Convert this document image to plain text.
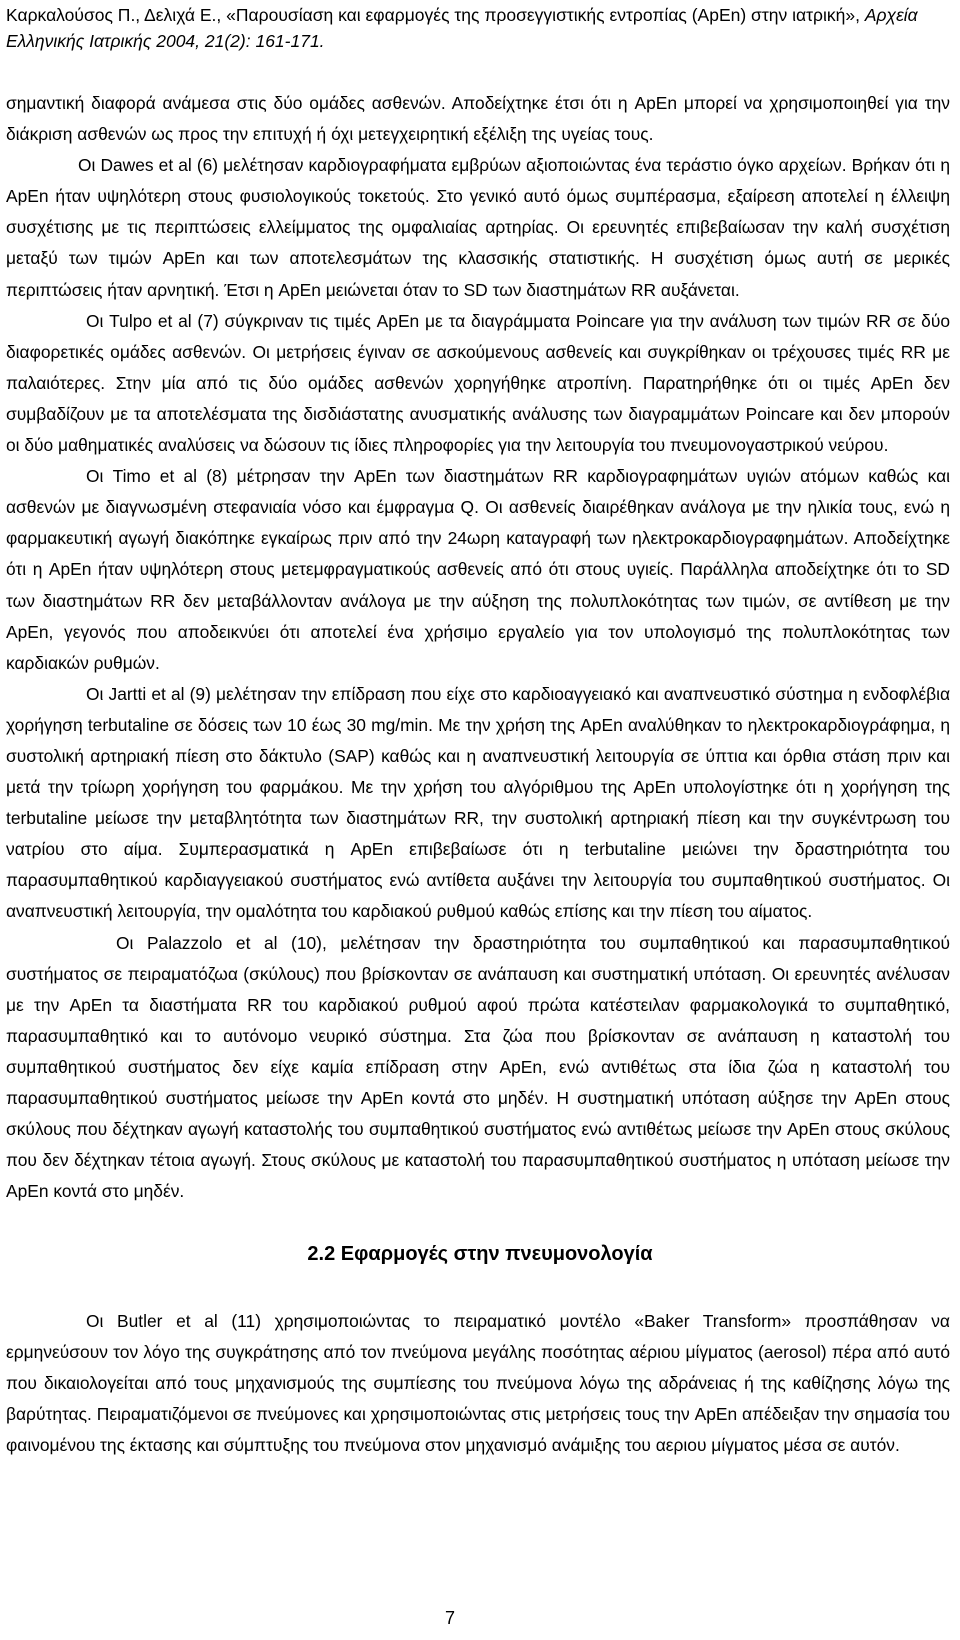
Καρκαλούσος Π., Δελιχά Ε., «Παρουσίαση και εφαρμογές της προσεγγιστικής εντροπίας (ApEn) στην ιατρική», Αρχεία Ελληνικής Ιατρικής 2004, 21(2): 161-171.

σημαντική διαφορά ανάμεσα στις δύο ομάδες ασθενών. Αποδείχτηκε έτσι ότι η ApEn μπορεί να χρησιμοποιηθεί για την διάκριση ασθενών ως προς την επιτυχή ή όχι μετεγχειρητική εξέλιξη της υγείας τους.

Οι Dawes et al (6) μελέτησαν καρδιογραφήματα εμβρύων αξιοποιώντας ένα τεράστιο όγκο αρχείων. Βρήκαν ότι η ApEn ήταν υψηλότερη στους φυσιολογικούς τοκετούς. Στο γενικό αυτό όμως συμπέρασμα, εξαίρεση αποτελεί η έλλειψη συσχέτισης με τις περιπτώσεις ελλείμματος της ομφαλιαίας αρτηρίας. Οι ερευνητές επιβεβαίωσαν την καλή συσχέτιση μεταξύ των τιμών ApEn και των αποτελεσμάτων της κλασσικής στατιστικής. Η συσχέτιση όμως αυτή σε μερικές περιπτώσεις ήταν αρνητική. Έτσι η ApEn μειώνεται όταν το SD των διαστημάτων RR αυξάνεται.

Οι Tulpo et al (7) σύγκριναν τις τιμές ApEn με τα διαγράμματα Poincare για την ανάλυση των τιμών RR σε δύο διαφορετικές ομάδες ασθενών. Οι μετρήσεις έγιναν σε ασκούμενους ασθενείς και συγκρίθηκαν οι τρέχουσες τιμές RR με παλαιότερες. Στην μία από τις δύο ομάδες ασθενών χορηγήθηκε ατροπίνη. Παρατηρήθηκε ότι οι τιμές ApEn δεν συμβαδίζουν με τα αποτελέσματα της δισδιάστατης ανυσματικής ανάλυσης των διαγραμμάτων Poincare και δεν μπορούν οι δύο μαθηματικές αναλύσεις να δώσουν τις ίδιες πληροφορίες για την λειτουργία του πνευμονογαστρικού νεύρου.

Οι Timo et al (8) μέτρησαν την ApEn των διαστημάτων RR καρδιογραφημάτων υγιών ατόμων καθώς και ασθενών με διαγνωσμένη στεφανιαία νόσο και έμφραγμα Q. Οι ασθενείς διαιρέθηκαν ανάλογα με την ηλικία τους, ενώ η φαρμακευτική αγωγή διακόπηκε εγκαίρως πριν από την 24ωρη καταγραφή των ηλεκτροκαρδιογραφημάτων. Αποδείχτηκε ότι η ApEn ήταν υψηλότερη στους μετεμφραγματικούς ασθενείς από ότι στους υγιείς. Παράλληλα αποδείχτηκε ότι το SD των διαστημάτων RR δεν μεταβάλλονταν ανάλογα με την αύξηση της πολυπλοκότητας των τιμών, σε αντίθεση με την ApEn, γεγονός που αποδεικνύει ότι αποτελεί ένα χρήσιμο εργαλείο για τον υπολογισμό της πολυπλοκότητας των καρδιακών ρυθμών.

Οι Jartti et al (9) μελέτησαν την επίδραση που είχε στο καρδιοαγγειακό και αναπνευστικό σύστημα η ενδοφλέβια χορήγηση terbutaline σε δόσεις των 10 έως 30 mg/min. Με την χρήση της ApEn αναλύθηκαν το ηλεκτροκαρδιογράφημα, η συστολική αρτηριακή πίεση στο δάκτυλο (SAP) καθώς και η αναπνευστική λειτουργία σε ύπτια και όρθια στάση πριν και μετά την τρίωρη χορήγηση του φαρμάκου. Με την χρήση του αλγόριθμου της ApEn υπολογίστηκε ότι η χορήγηση της terbutaline μείωσε την μεταβλητότητα των διαστημάτων RR, την συστολική αρτηριακή πίεση και την συγκέντρωση του νατρίου στο αίμα. Συμπερασματικά η ApEn επιβεβαίωσε ότι η terbutaline μειώνει την δραστηριότητα του παρασυμπαθητικού καρδιαγγειακού συστήματος ενώ αντίθετα αυξάνει την λειτουργία του συμπαθητικού συστήματος. Οι αναπνευστική λειτουργία, την ομαλότητα του καρδιακού ρυθμού καθώς επίσης και την πίεση του αίματος.

Οι Palazzolo et al (10), μελέτησαν την δραστηριότητα του συμπαθητικού και παρασυμπαθητικού συστήματος σε πειραματόζωα (σκύλους) που βρίσκονταν σε ανάπαυση και συστηματική υπόταση. Οι ερευνητές ανέλυσαν με την ApEn τα διαστήματα RR του καρδιακού ρυθμού αφού πρώτα κατέστειλαν φαρμακολογικά το συμπαθητικό, παρασυμπαθητικό και το αυτόνομο νευρικό σύστημα. Στα ζώα που βρίσκονταν σε ανάπαυση η καταστολή του συμπαθητικού συστήματος δεν είχε καμία επίδραση στην ApEn, ενώ αντιθέτως στα ίδια ζώα η καταστολή του παρασυμπαθητικού συστήματος μείωσε την ApEn κοντά στο μηδέν. Η συστηματική υπόταση αύξησε την ApEn στους σκύλους που δέχτηκαν αγωγή καταστολής του συμπαθητικού συστήματος ενώ αντιθέτως μείωσε την ApEn στους σκύλους που δεν δέχτηκαν τέτοια αγωγή. Στους σκύλους με καταστολή του παρασυμπαθητικού συστήματος η υπόταση μείωσε την ApEn κοντά στο μηδέν.

2.2 Εφαρμογές στην πνευμονολογία

Οι Butler et al (11) χρησιμοποιώντας το πειραματικό μοντέλο «Baker Transform» προσπάθησαν να ερμηνεύσουν τον λόγο της συγκράτησης από τον πνεύμονα μεγάλης ποσότητας αέριου μίγματος (aerosol) πέρα από αυτό που δικαιολογείται από τους μηχανισμούς της συμπίεσης του πνεύμονα λόγω της αδράνειας ή της καθίζησης λόγω της βαρύτητας. Πειραματιζόμενοι σε πνεύμονες και χρησιμοποιώντας στις μετρήσεις τους την ApEn απέδειξαν την σημασία του φαινομένου της έκτασης και σύμπτυξης του πνεύμονα στον μηχανισμό ανάμιξης του αεριου μίγματος μέσα σε αυτόν.

7
